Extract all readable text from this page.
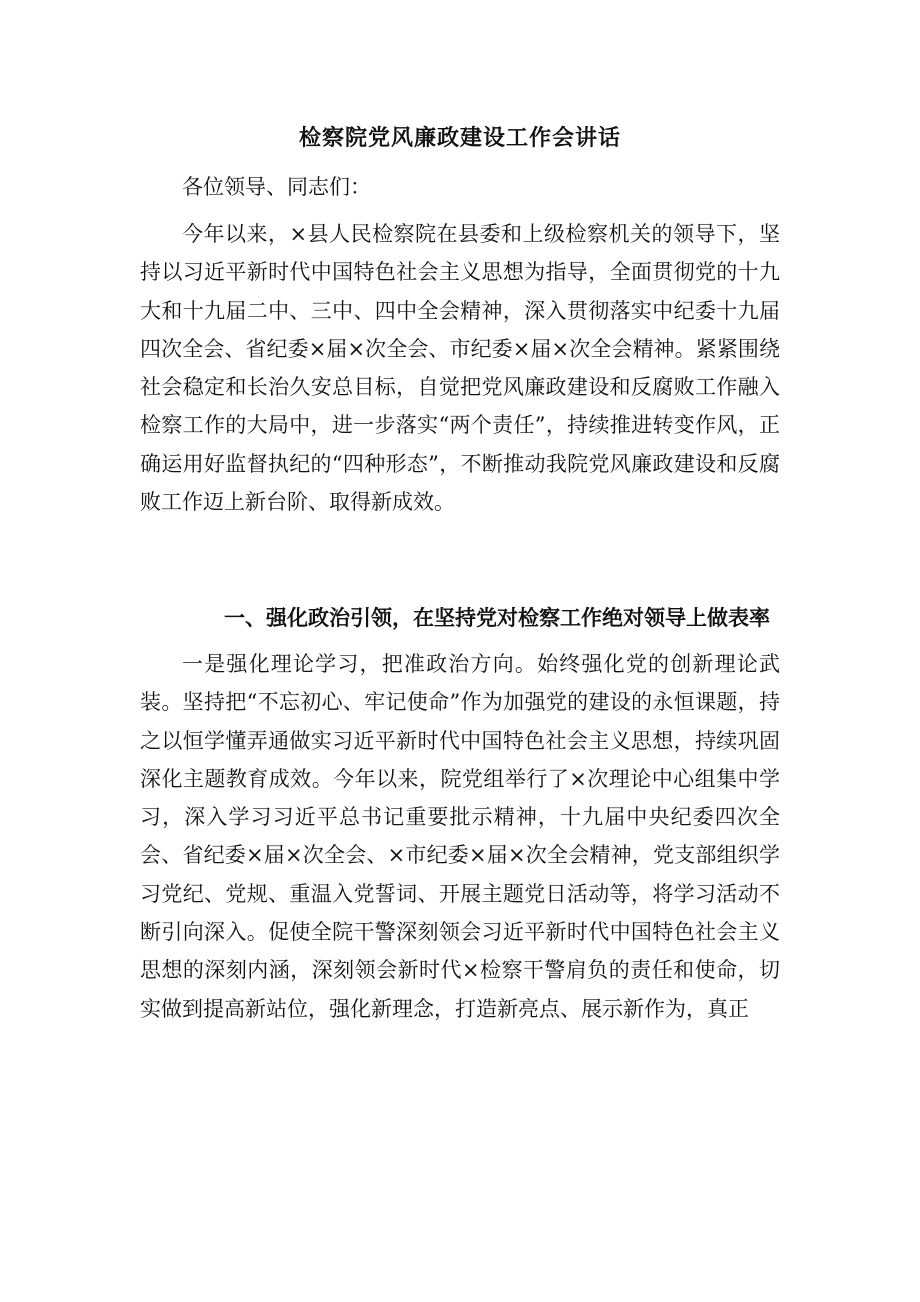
检察院党风廉政建设工作会讲话
各位领导、同志们：
今年以来，×县人民检察院在县委和上级检察机关的领导下，坚持以习近平新时代中国特色社会主义思想为指导，全面贯彻党的十九大和十九届二中、三中、四中全会精神，深入贯彻落实中纪委十九届四次全会、省纪委×届×次全会、市纪委×届×次全会精神。紧紧围绕社会稳定和长治久安总目标，自觉把党风廉政建设和反腐败工作融入检察工作的大局中，进一步落实“两个责任”，持续推进转变作风，正确运用好监督执纪的“四种形态”，不断推动我院党风廉政建设和反腐败工作迈上新台阶、取得新成效。
一、强化政治引领，在坚持党对检察工作绝对领导上做表率
一是强化理论学习，把准政治方向。始终强化党的创新理论武装。坚持把“不忘初心、牢记使命”作为加强党的建设的永恒课题，持之以恒学懂弄通做实习近平新时代中国特色社会主义思想，持续巩固深化主题教育成效。今年以来，院党组举行了×次理论中心组集中学习，深入学习习近平总书记重要批示精神，十九届中央纪委四次全会、省纪委×届×次全会、×市纪委×届×次全会精神，党支部组织学习党纪、党规、重温入党誓词、开展主题党日活动等，将学习活动不断引向深入。促使全院干警深刻领会习近平新时代中国特色社会主义思想的深刻内涵，深刻领会新时代×检察干警肩负的责任和使命，切实做到提高新站位，强化新理念，打造新亮点、展示新作为，真正
